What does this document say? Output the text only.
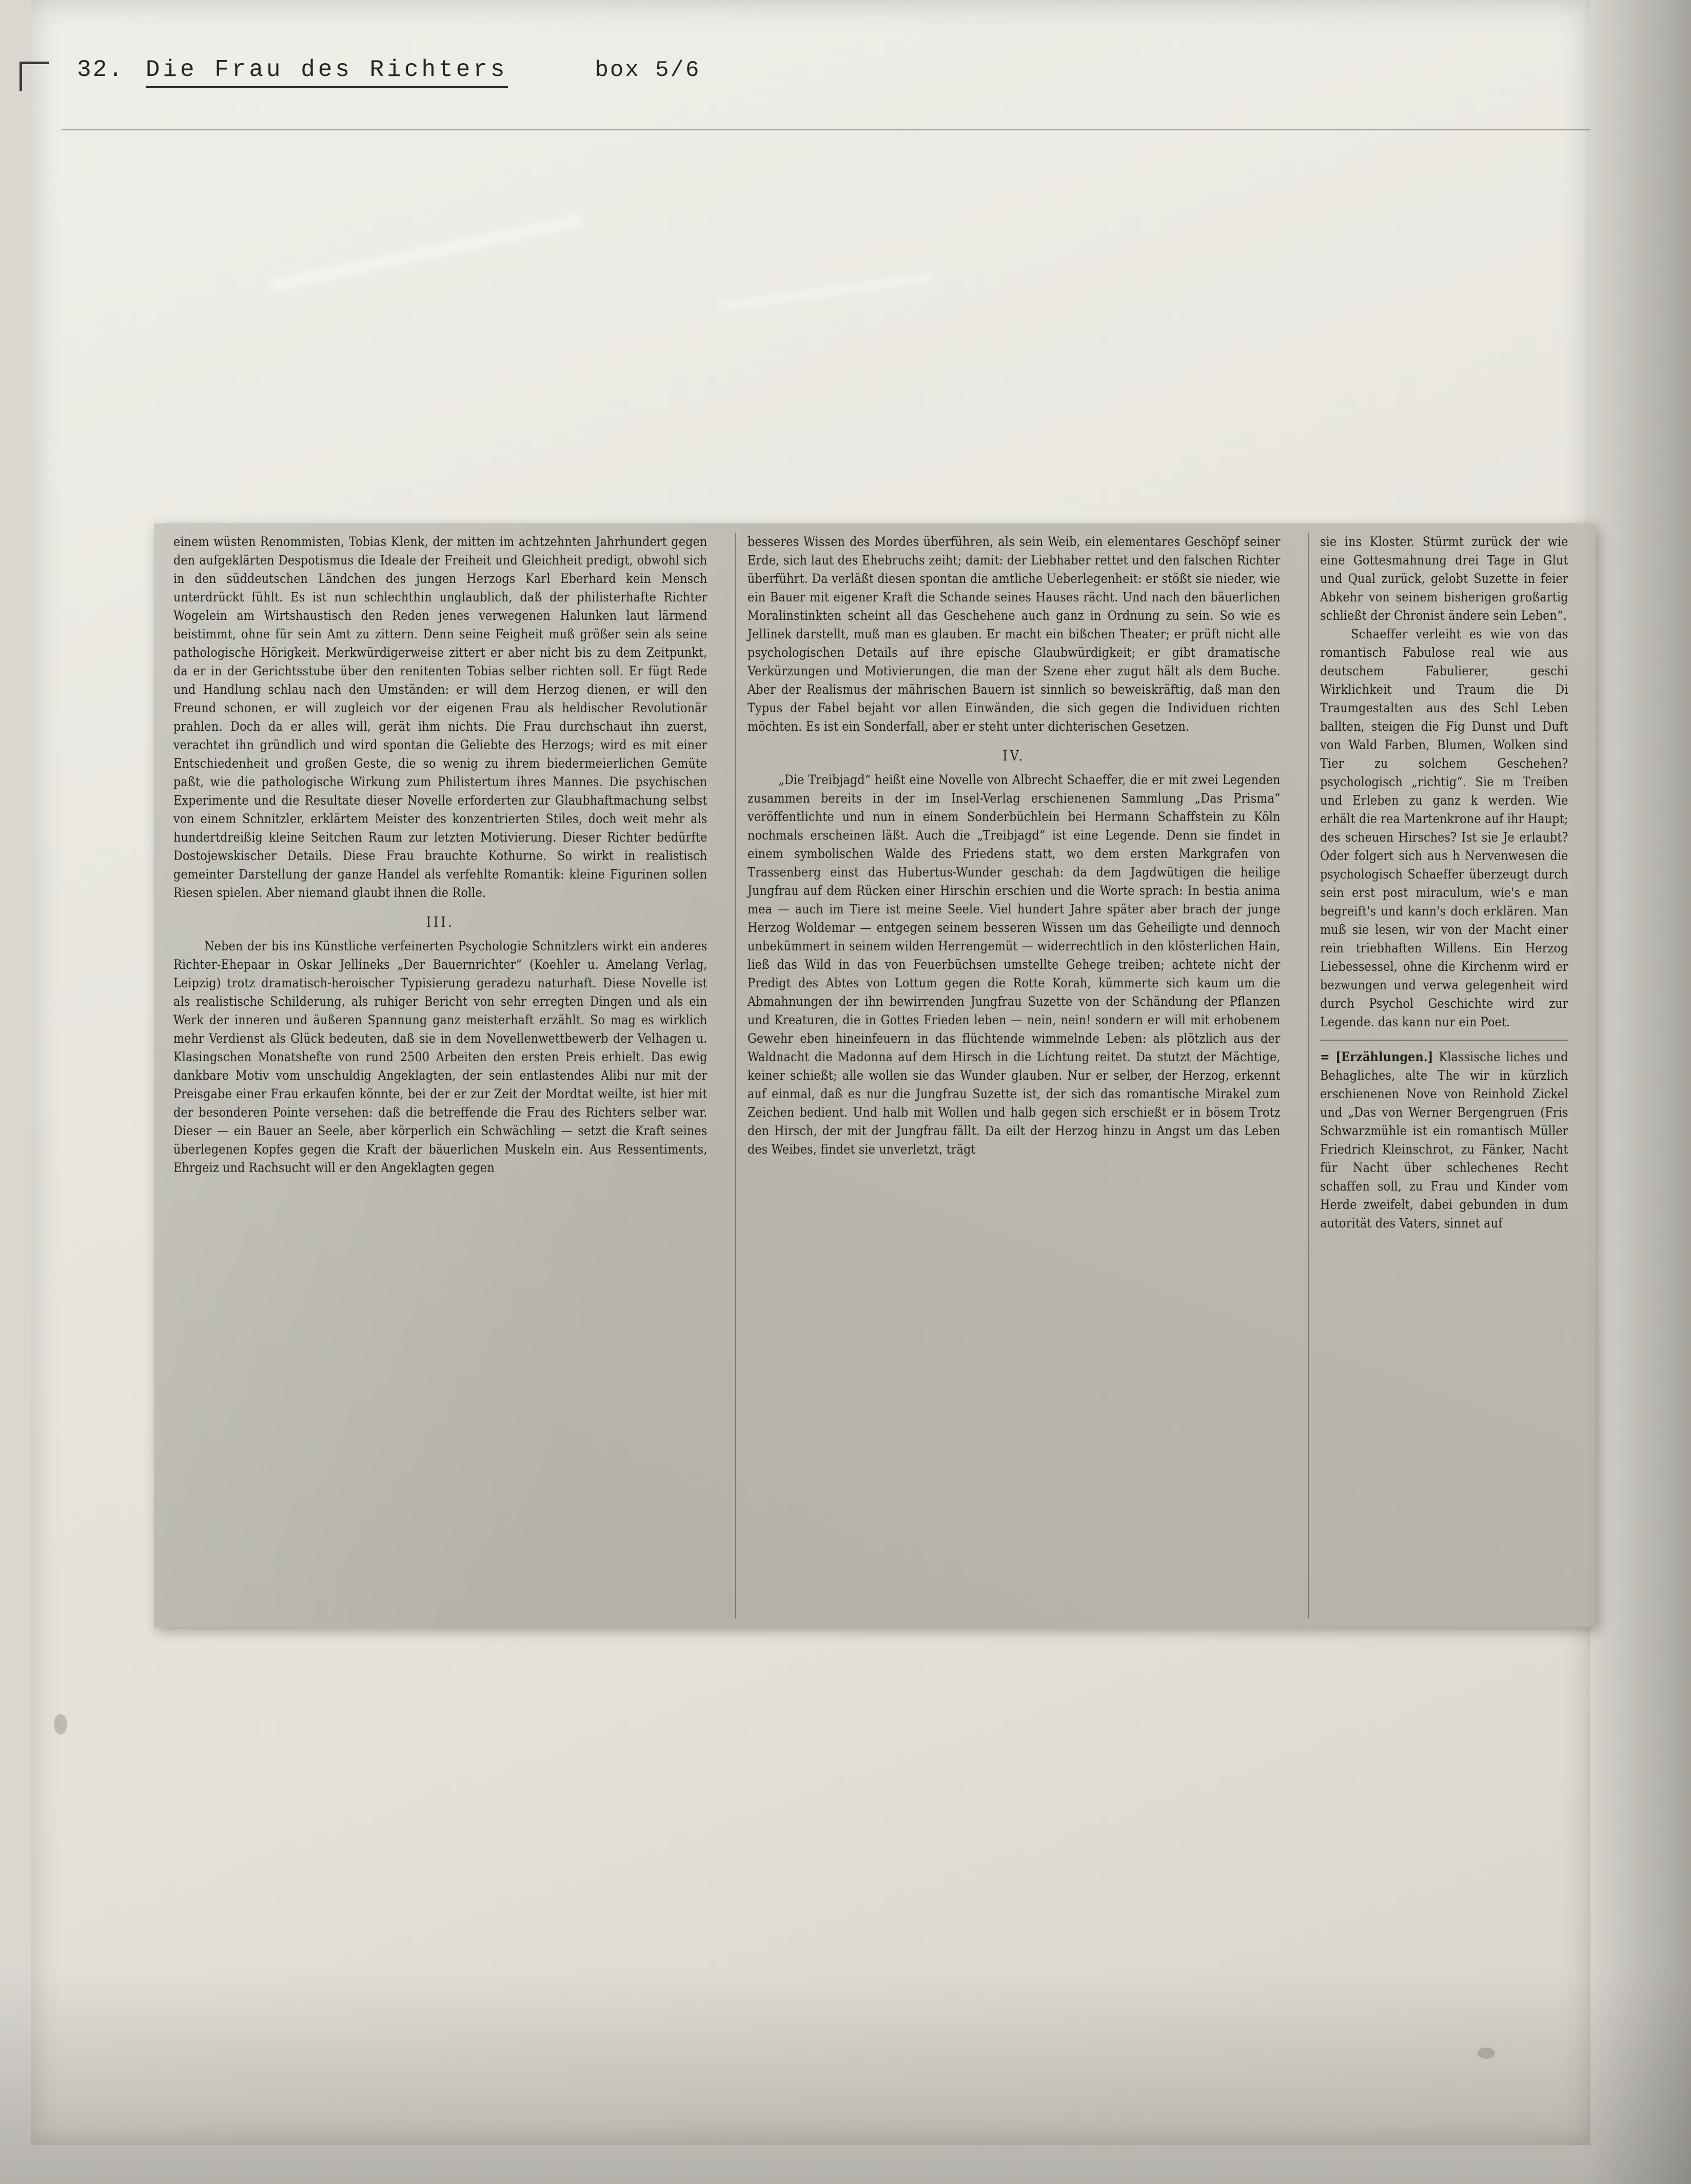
32. Die Frau des Richters	box 5/6

einem wüsten Renommisten, Tobias Klenk, der mitten im achtzehnten Jahrhundert gegen den aufgeklärten Despotismus die Ideale der Freiheit und Gleichheit predigt, obwohl sich in den süddeutschen Ländchen des jungen Herzogs Karl Eberhard kein Mensch unterdrückt fühlt. Es ist nun schlechthin unglaublich, daß der philisterhafte Richter Wogelein am Wirtshaustisch den Reden jenes verwegenen Halunken laut lärmend beistimmt, ohne für sein Amt zu zittern. Denn seine Feigheit muß größer sein als seine pathologische Hörigkeit. Merkwürdigerweise zittert er aber nicht bis zu dem Zeitpunkt, da er in der Gerichtsstube über den renitenten Tobias selber richten soll. Er fügt Rede und Handlung schlau nach den Umständen: er will dem Herzog dienen, er will den Freund schonen, er will zugleich vor der eigenen Frau als heldischer Revolutionär prahlen. Doch da er alles will, gerät ihm nichts. Die Frau durchschaut ihn zuerst, verachtet ihn gründlich und wird spontan die Geliebte des Herzogs; wird es mit einer Entschiedenheit und großen Geste, die so wenig zu ihrem biedermeierlichen Gemüte paßt, wie die pathologische Wirkung zum Philistertum ihres Mannes. Die psychischen Experimente und die Resultate dieser Novelle erforderten zur Glaubhaftmachung selbst von einem Schnitzler, erklärtem Meister des konzentrierten Stiles, doch weit mehr als hundertdreißig kleine Seitchen Raum zur letzten Motivierung. Dieser Richter bedürfte Dostojewskischer Details. Diese Frau brauchte Kothurne. So wirkt in realistisch gemeinter Darstellung der ganze Handel als verfehlte Romantik: kleine Figurinen sollen Riesen spielen. Aber niemand glaubt ihnen die Rolle.

III.

Neben der bis ins Künstliche verfeinerten Psychologie Schnitzlers wirkt ein anderes Richter-Ehepaar in Oskar Jellineks „Der Bauernrichter“ (Koehler u. Amelang Verlag, Leipzig) trotz dramatisch-heroischer Typisierung geradezu naturhaft. Diese Novelle ist als realistische Schilderung, als ruhiger Bericht von sehr erregten Dingen und als ein Werk der inneren und äußeren Spannung ganz meisterhaft erzählt. So mag es wirklich mehr Verdienst als Glück bedeuten, daß sie in dem Novellenwettbewerb der Velhagen u. Klasingschen Monatshefte von rund 2500 Arbeiten den ersten Preis erhielt. Das ewig dankbare Motiv vom unschuldig Angeklagten, der sein entlastendes Alibi nur mit der Preisgabe einer Frau erkaufen könnte, bei der er zur Zeit der Mordtat weilte, ist hier mit der besonderen Pointe versehen: daß die betreffende die Frau des Richters selber war. Dieser — ein Bauer an Seele, aber körperlich ein Schwächling — setzt die Kraft seines überlegenen Kopfes gegen die Kraft der bäuerlichen Muskeln ein. Aus Ressentiments, Ehrgeiz und Rachsucht will er den Angeklagten gegen

besseres Wissen des Mordes überführen, als sein Weib, ein elementares Geschöpf seiner Erde, sich laut des Ehebruchs zeiht; damit: der Liebhaber rettet und den falschen Richter überführt. Da verläßt diesen spontan die amtliche Ueberlegenheit: er stößt sie nieder, wie ein Bauer mit eigener Kraft die Schande seines Hauses rächt. Und nach den bäuerlichen Moralinstinkten scheint all das Geschehene auch ganz in Ordnung zu sein. So wie es Jellinek darstellt, muß man es glauben. Er macht ein bißchen Theater; er prüft nicht alle psychologischen Details auf ihre epische Glaubwürdigkeit; er gibt dramatische Verkürzungen und Motivierungen, die man der Szene eher zugut hält als dem Buche. Aber der Realismus der mährischen Bauern ist sinnlich so beweiskräftig, daß man den Typus der Fabel bejaht vor allen Einwänden, die sich gegen die Individuen richten möchten. Es ist ein Sonderfall, aber er steht unter dichterischen Gesetzen.

IV.

„Die Treibjagd“ heißt eine Novelle von Albrecht Schaeffer, die er mit zwei Legenden zusammen bereits in der im Insel-Verlag erschienenen Sammlung „Das Prisma“ veröffentlichte und nun in einem Sonderbüchlein bei Hermann Schaffstein zu Köln nochmals erscheinen läßt. Auch die „Treibjagd“ ist eine Legende. Denn sie findet in einem symbolischen Walde des Friedens statt, wo dem ersten Markgrafen von Trassenberg einst das Hubertus-Wunder geschah: da dem Jagdwütigen die heilige Jungfrau auf dem Rücken einer Hirschin erschien und die Worte sprach: In bestia anima mea — auch im Tiere ist meine Seele. Viel hundert Jahre später aber brach der junge Herzog Woldemar — entgegen seinem besseren Wissen um das Geheiligte und dennoch unbekümmert in seinem wilden Herrengemüt — widerrechtlich in den klösterlichen Hain, ließ das Wild in das von Feuerbüchsen umstellte Gehege treiben; achtete nicht der Predigt des Abtes von Lottum gegen die Rotte Korah, kümmerte sich kaum um die Abmahnungen der ihn bewirrenden Jungfrau Suzette von der Schändung der Pflanzen und Kreaturen, die in Gottes Frieden leben — nein, nein! sondern er will mit erhobenem Gewehr eben hineinfeuern in das flüchtende wimmelnde Leben: als plötzlich aus der Waldnacht die Madonna auf dem Hirsch in die Lichtung reitet. Da stutzt der Mächtige, keiner schießt; alle wollen sie das Wunder glauben. Nur er selber, der Herzog, erkennt auf einmal, daß es nur die Jungfrau Suzette ist, der sich das romantische Mirakel zum Zeichen bedient. Und halb mit Wollen und halb gegen sich erschießt er in bösem Trotz den Hirsch, der mit der Jungfrau fällt. Da eilt der Herzog hinzu in Angst um das Leben des Weibes, findet sie unverletzt, trägt

sie ins Kloster. Stürmt zurück der wie eine Gottesmahnung drei Tage in Glut und Qual zurück, gelobt Suzette in feier Abkehr von seinem bisherigen großartig schließt der Chronist ändere sein Leben“.

Schaeffer verleiht es wie von das romantisch Fabulose real wie aus deutschem Fabulierer, geschi Wirklichkeit und Traum die Di Traumgestalten aus des Schl Leben ballten, steigen die Fig Dunst und Duft von Wald Farben, Blumen, Wolken sind Tier zu solchem Geschehen? psychologisch „richtig“. Sie m Treiben und Erleben zu ganz k werden. Wie erhält die rea Martenkrone auf ihr Haupt; des scheuen Hirsches? Ist sie Je erlaubt? Oder folgert sich aus h Nervenwesen die psychologisch Schaeffer überzeugt durch sein erst post miraculum, wie's e man begreift's und kann's doch erklären. Man muß sie lesen, wir von der Macht einer rein triebhaften Willens. Ein Herzog Liebessessel, ohne die Kirchenm wird er bezwungen und verwa gelegenheit wird durch Psychol Geschichte wird zur Legende. das kann nur ein Poet.

= [Erzählungen.] Klassische liches und Behagliches, alte The wir in kürzlich erschienenen Nove von Reinhold Zickel und „Das von Werner Bergengruen (Fris Schwarzmühle ist ein romantisch Müller Friedrich Kleinschrot, zu Fänker, Nacht für Nacht über schlechenes Recht schaffen soll, zu Frau und Kinder vom Herde zweifelt, dabei gebunden in dum autorität des Vaters, sinnet auf
